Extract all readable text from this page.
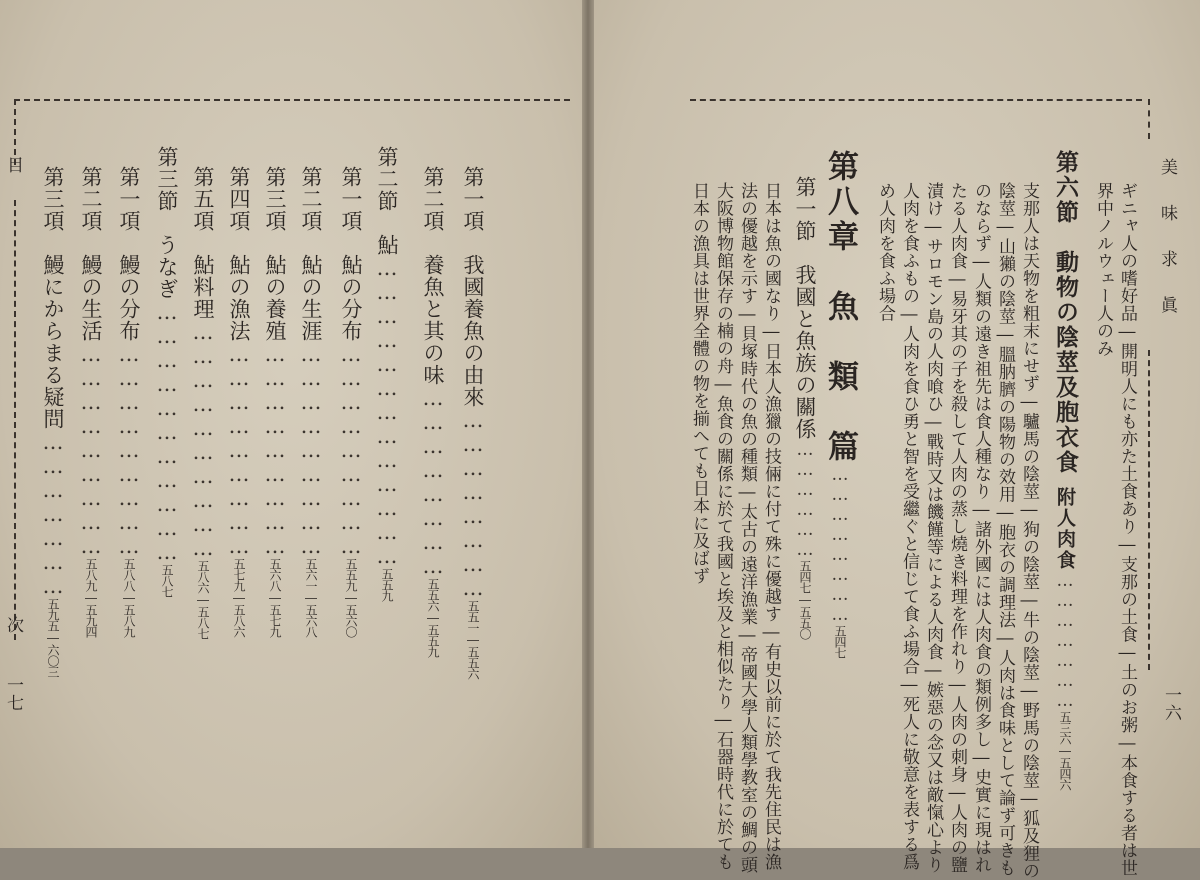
目
次
一七
第一項　我國養魚の由來……………………五五一―五五六
第二項　養魚と其の味……………………五五六―五五九
第二節　鮎…………………………………五五九
第一項　鮎の分布………………………五五九―五六〇
第二項　鮎の生涯………………………五六一―五六八
第三項　鮎の養殖………………………五六八―五七九
第四項　鮎の漁法………………………五七九―五八六
第五項　鮎料理…………………………五八六―五八七
第三節　うなぎ……………………………五八七
第一項　鰻の分布………………………五八八―五八九
第二項　鰻の生活………………………五八九―五九四
第三項　鰻にからまる疑問…………………五九五―六〇三
美　味　求　眞
一六
ギニャ人の嗜好品―開明人にも亦た土食あり―支那の土食―土のお粥―本食する者は世
界中ノルウェー人のみ
第六節　動物の陰莖及胞衣食附人肉食…………………五三六―五四六
支那人は天物を粗末にせず―驢馬の陰莖―狗の陰莖―牛の陰莖―野馬の陰莖―狐及狸の
陰莖―山獺の陰莖―膃肭臍の陽物の效用―胞衣の調理法―人肉は食味として論ず可きも
のならず―人類の遠き祖先は食人種なり―諸外國には人肉食の類例多し―史實に現はれ
たる人肉食―易牙其の子を殺して人肉の蒸し燒き料理を作れり―人肉の刺身―人肉の鹽
漬け―サロモン島の人肉喰ひ―戰時又は饑饉等による人肉食―嫉惡の念又は敵愾心より
人肉を食ふもの―人肉を食ひ勇と智を受繼ぐと信じて食ふ場合―死人に敬意を表する爲
め人肉を食ふ場合
第八章　魚　類　篇……………………五四七
第一節　我國と魚族の關係………………五四七―五五〇
日本は魚の國なり―日本人漁獵の技倆に付て殊に優越す―有史以前に於て我先住民は漁
法の優越を示す―貝塚時代の魚の種類―太古の遠洋漁業―帝國大學人類學教室の鯛の頭
大阪博物館保存の楠の舟―魚食の關係に於て我國と埃及と相似たり―石器時代に於ても
日本の漁具は世界全體の物を揃へても日本に及ばず
